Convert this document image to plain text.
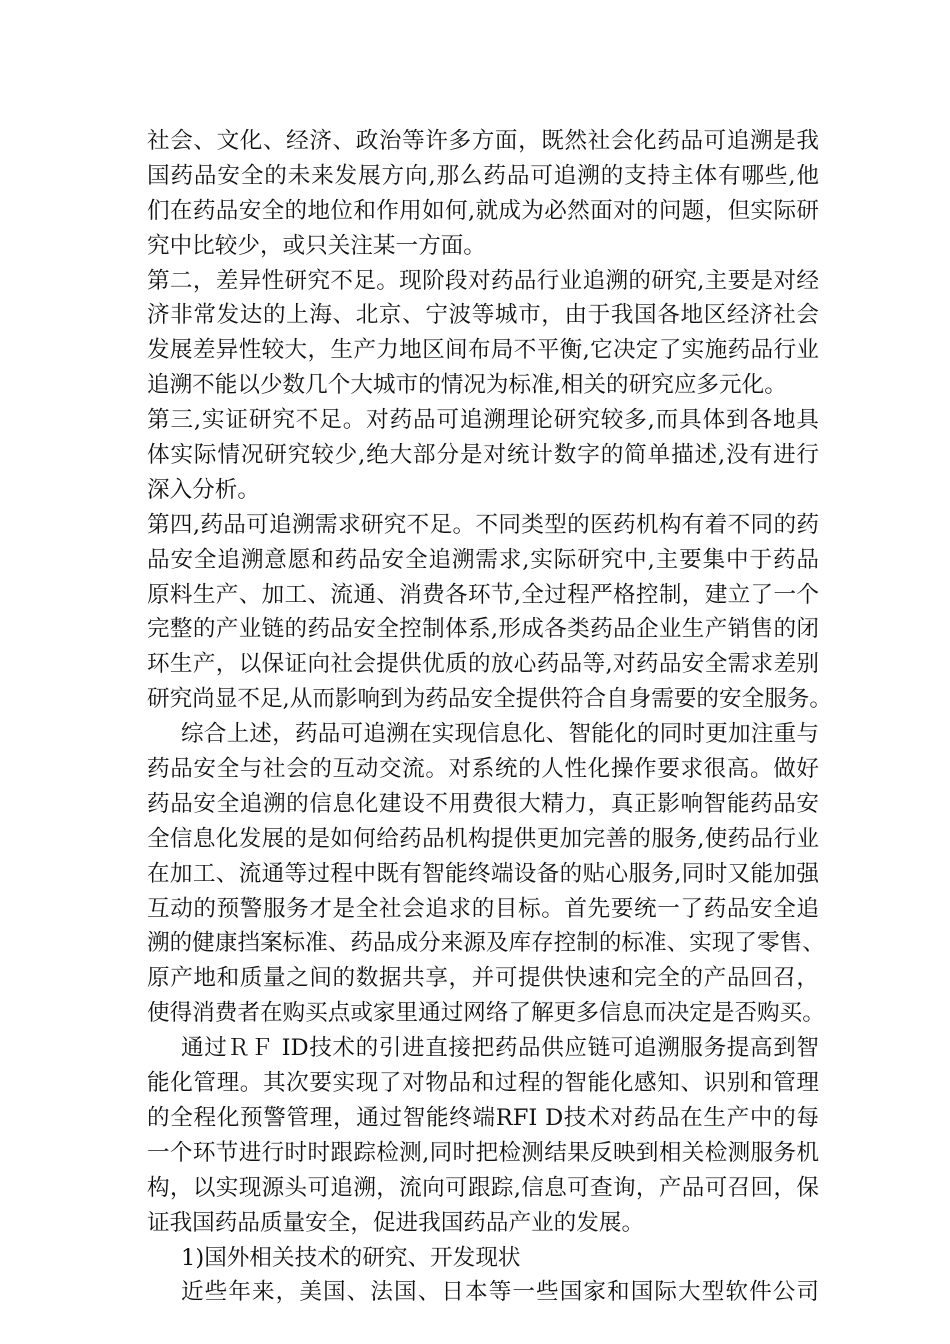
社会、文化、经济、政治等许多方面，既然社会化药品可追溯是我
国药品安全的未来发展方向,那么药品可追溯的支持主体有哪些,他
们在药品安全的地位和作用如何,就成为必然面对的问题，但实际研
究中比较少，或只关注某一方面。
第二，差异性研究不足。现阶段对药品行业追溯的研究,主要是对经
济非常发达的上海、北京、宁波等城市，由于我国各地区经济社会
发展差异性较大，生产力地区间布局不平衡,它决定了实施药品行业
追溯不能以少数几个大城市的情况为标准,相关的研究应多元化。
第三,实证研究不足。对药品可追溯理论研究较多,而具体到各地具
体实际情况研究较少,绝大部分是对统计数字的简单描述,没有进行
深入分析。
第四,药品可追溯需求研究不足。不同类型的医药机构有着不同的药
品安全追溯意愿和药品安全追溯需求,实际研究中,主要集中于药品
原料生产、加工、流通、消费各环节,全过程严格控制，建立了一个
完整的产业链的药品安全控制体系,形成各类药品企业生产销售的闭
环生产，以保证向社会提供优质的放心药品等,对药品安全需求差别
研究尚显不足,从而影响到为药品安全提供符合自身需要的安全服务。
综合上述，药品可追溯在实现信息化、智能化的同时更加注重与
药品安全与社会的互动交流。对系统的人性化操作要求很高。做好
药品安全追溯的信息化建设不用费很大精力，真正影响智能药品安
全信息化发展的是如何给药品机构提供更加完善的服务,使药品行业
在加工、流通等过程中既有智能终端设备的贴心服务,同时又能加强
互动的预警服务才是全社会追求的目标。首先要统一了药品安全追
溯的健康挡案标准、药品成分来源及库存控制的标准、实现了零售、
原产地和质量之间的数据共享，并可提供快速和完全的产品回召，
使得消费者在购买点或家里通过网络了解更多信息而决定是否购买。
通过ＲＦ ID技术的引进直接把药品供应链可追溯服务提高到智
能化管理。其次要实现了对物品和过程的智能化感知、识别和管理
的全程化预警管理，通过智能终端RFI D技术对药品在生产中的每
一个环节进行时时跟踪检测,同时把检测结果反映到相关检测服务机
构，以实现源头可追溯，流向可跟踪,信息可查询，产品可召回，保
证我国药品质量安全，促进我国药品产业的发展。
1)国外相关技术的研究、开发现状
近些年来，美国、法国、日本等一些国家和国际大型软件公司
